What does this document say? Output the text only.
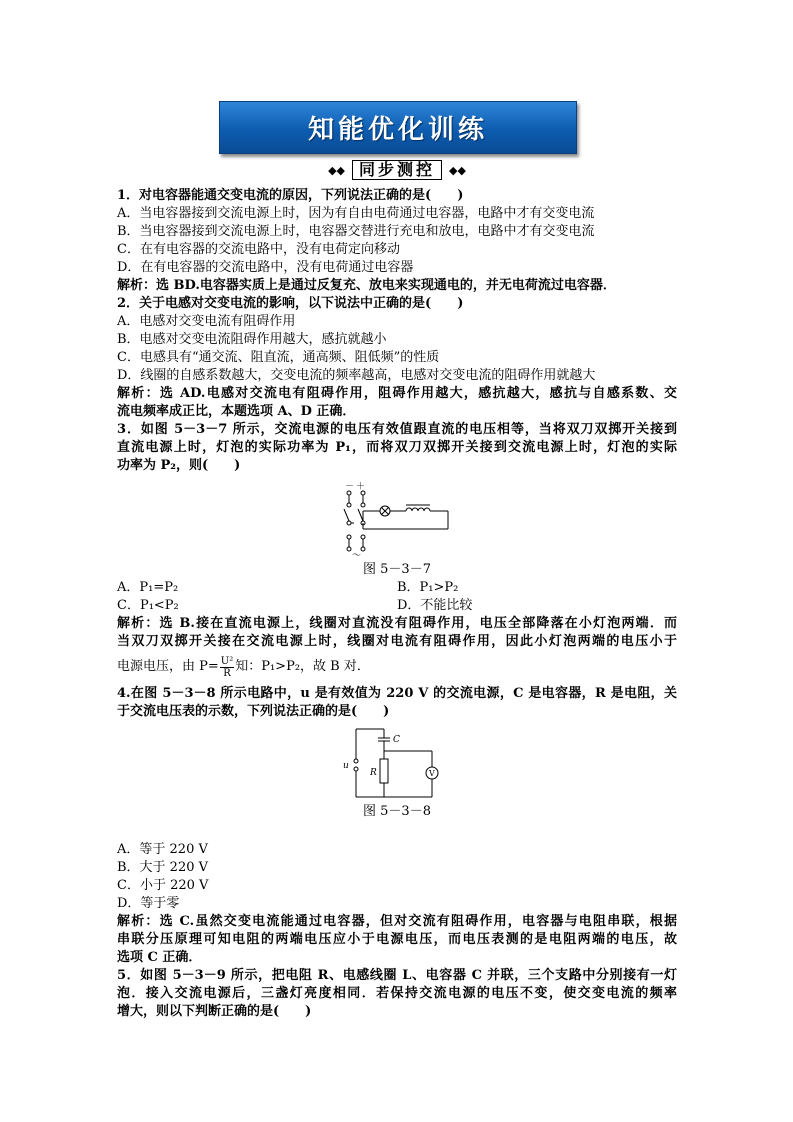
知能优化训练
◆◆ 同步测控	◆◆
1．对电容器能通交变电流的原因，下列说法正确的是(　　)
A．当电容器接到交流电源上时，因为有自由电荷通过电容器，电路中才有交变电流
B．当电容器接到交流电源上时，电容器交替进行充电和放电，电路中才有交变电流
C．在有电容器的交流电路中，没有电荷定向移动
D．在有电容器的交流电路中，没有电荷通过电容器
解析：选 BD.电容器实质上是通过反复充、放电来实现通电的，并无电荷流过电容器．
2．关于电感对交变电流的影响，以下说法中正确的是(　　)
A．电感对交变电流有阻碍作用
B．电感对交变电流阻碍作用越大，感抗就越小
C．电感具有“通交流、阻直流，通高频、阻低频”的性质
D．线圈的自感系数越大，交变电流的频率越高，电感对交变电流的阻碍作用就越大
解析：选 AD.电感对交流电有阻碍作用，阻碍作用越大，感抗越大，感抗与自感系数、交
流电频率成正比，本题选项 A、D 正确．
3．如图 5－3－7 所示，交流电源的电压有效值跟直流的电压相等，当将双刀双掷开关接到
直流电源上时，灯泡的实际功率为 P₁，而将双刀双掷开关接到交流电源上时，灯泡的实际
功率为 P₂，则(　　)
－ ＋
～
图 5－3－7
A．P₁=P₂	B．P₁>P₂
C．P₁<P₂	D．不能比较
解析：选 B.接在直流电源上，线圈对直流没有阻碍作用，电压全部降落在小灯泡两端．而
当双刀双掷开关接在交流电源上时，线圈对电流有阻碍作用，因此小灯泡两端的电压小于
电源电压，由 $P= \frac{\text{U²}}{R}$ 知：P₁>P₂，故 B 对．
4.在图 5－3－8 所示电路中，u 是有效值为 220 V 的交流电源，C 是电容器，R 是电阻，关
于交流电压表的示数，下列说法正确的是(　　)
u
C
R	V
图 5－3－8
A．等于 220 V
B．大于 220 V
C．小于 220 V
D．等于零
解析：选 C.虽然交变电流能通过电容器，但对交流有阻碍作用，电容器与电阻串联，根据
串联分压原理可知电阻的两端电压应小于电源电压，而电压表测的是电阻两端的电压，故
选项 C 正确．
5．如图 5－3－9 所示，把电阻 R、电感线圈 L、电容器 C 并联，三个支路中分别接有一灯
泡．接入交流电源后，三盏灯亮度相同．若保持交流电源的电压不变，使交变电流的频率
增大，则以下判断正确的是(　　)
